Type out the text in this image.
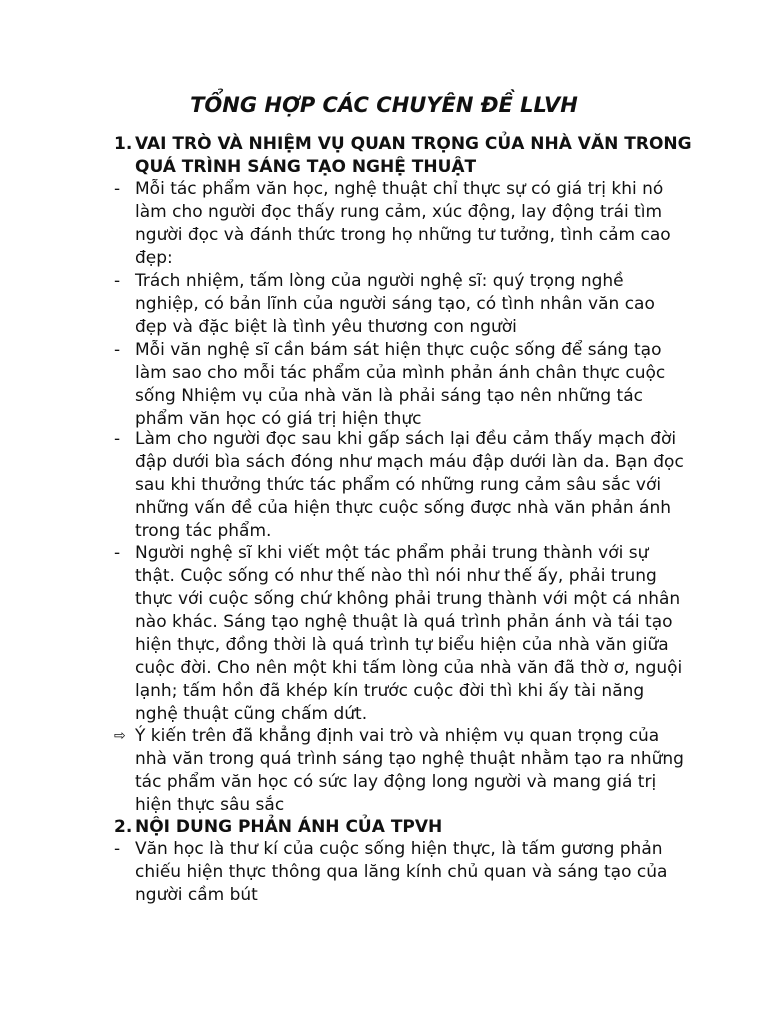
TỔNG HỢP CÁC CHUYÊN ĐỀ LLVH
1. VAI TRÒ VÀ NHIỆM VỤ QUAN TRỌNG CỦA NHÀ VĂN TRONG QUÁ TRÌNH SÁNG TẠO NGHỆ THUẬT
- Mỗi tác phẩm văn học, nghệ thuật chỉ thực sự có giá trị khi nó làm cho người đọc thấy rung cảm, xúc động, lay động trái tìm người đọc và đánh thức trong họ những tư tưởng, tình cảm cao đẹp:
- Trách nhiệm, tấm lòng của người nghệ sĩ: quý trọng nghề nghiệp, có bản lĩnh của người sáng tạo, có tình nhân văn cao đẹp và đặc biệt là tình yêu thương con người
- Mỗi văn nghệ sĩ cần bám sát hiện thực cuộc sống để sáng tạo làm sao cho mỗi tác phẩm của mình phản ánh chân thực cuộc sống Nhiệm vụ của nhà văn là phải sáng tạo nên những tác phẩm văn học có giá trị hiện thực
- Làm cho người đọc sau khi gấp sách lại đều cảm thấy mạch đời đập dưới bìa sách đóng như mạch máu đập dưới làn da. Bạn đọc sau khi thưởng thức tác phẩm có những rung cảm sâu sắc với những vấn đề của hiện thực cuộc sống được nhà văn phản ánh trong tác phẩm.
- Người nghệ sĩ khi viết một tác phẩm phải trung thành với sự thật. Cuộc sống có như thế nào thì nói như thế ấy, phải trung thực với cuộc sống chứ không phải trung thành với một cá nhân nào khác. Sáng tạo nghệ thuật là quá trình phản ánh và tái tạo hiện thực, đồng thời là quá trình tự biểu hiện của nhà văn giữa cuộc đời. Cho nên một khi tấm lòng của nhà văn đã thờ ơ, nguội lạnh; tấm hồn đã khép kín trước cuộc đời thì khi ấy tài năng nghệ thuật cũng chấm dứt.
⇨ Ý kiến trên đã khẳng định vai trò và nhiệm vụ quan trọng của nhà văn trong quá trình sáng tạo nghệ thuật nhằm tạo ra những tác phẩm văn học có sức lay động long người và mang giá trị hiện thực sâu sắc
2. NỘI DUNG PHẢN ÁNH CỦA TPVH
- Văn học là thư kí của cuộc sống hiện thực, là tấm gương phản chiếu hiện thực thông qua lăng kính chủ quan và sáng tạo của người cầm bút
